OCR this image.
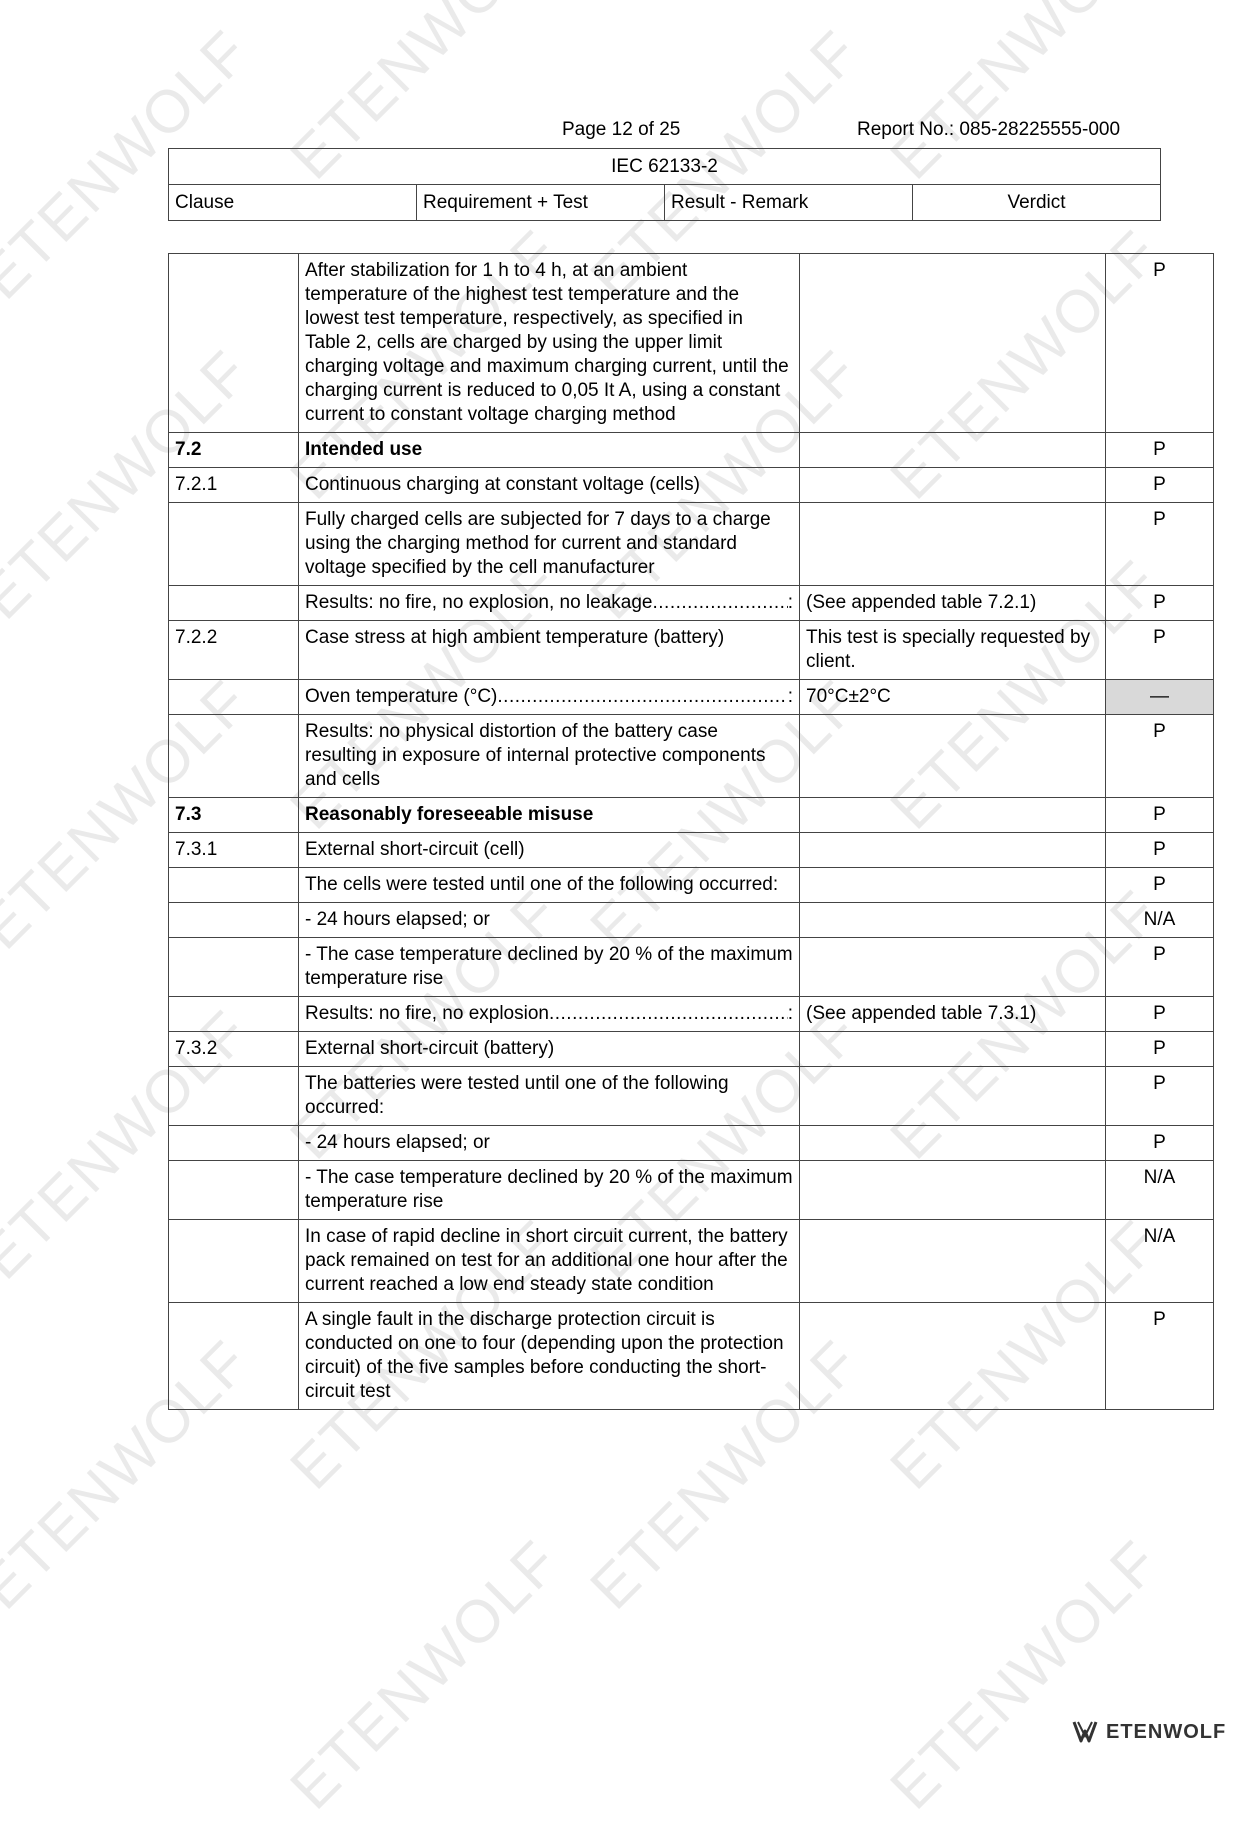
ETENWOLF
ETENWOLF
ETENWOLF
ETENWOLF
ETENWOLF
ETENWOLF
ETENWOLF
ETENWOLF
ETENWOLF
ETENWOLF
ETENWOLF
ETENWOLF
ETENWOLF
ETENWOLF
ETENWOLF
ETENWOLF
ETENWOLF
ETENWOLF
ETENWOLF
ETENWOLF
ETENWOLF
ETENWOLF
Page 12 of 25	Report No.: 085-28225555-000
IEC 62133-2
Clause	Requirement + Test	Result - Remark	Verdict
	After stabilization for 1 h to 4 h, at an ambient temperature of the highest test temperature and the lowest test temperature, respectively, as specified in Table 2, cells are charged by using the upper limit charging voltage and maximum charging current, until the charging current is reduced to 0,05 It A, using a constant current to constant voltage charging method		P
7.2	Intended use		P
7.2.1	Continuous charging at constant voltage (cells)		P
	Fully charged cells are subjected for 7 days to a charge using the charging method for current and standard voltage specified by the cell manufacturer		P

	Results: no fire, no explosion, no leakage ..... :	(See appended table 7.2.1)	P
7.2.2	Case stress at high ambient temperature (battery)	This test is specially requested by client.	P

	Oven temperature (°C) ..... :	70°C±2°C	—
	Results: no physical distortion of the battery case resulting in exposure of internal protective components and cells		P
7.3	Reasonably foreseeable misuse		P
7.3.1	External short-circuit (cell)		P
	The cells were tested until one of the following occurred:		P
	- 24 hours elapsed; or		N/A
	- The case temperature declined by 20 % of the maximum temperature rise		P

	Results: no fire, no explosion ..... :	(See appended table 7.3.1)	P
7.3.2	External short-circuit (battery)		P
	The batteries were tested until one of the following occurred:		P
	- 24 hours elapsed; or		P
	- The case temperature declined by 20 % of the maximum temperature rise		N/A
	In case of rapid decline in short circuit current, the battery pack remained on test for an additional one hour after the current reached a low end steady state condition		N/A
	A single fault in the discharge protection circuit is conducted on one to four (depending upon the protection circuit) of the five samples before conducting the short-circuit test		P
ETENWOLF
